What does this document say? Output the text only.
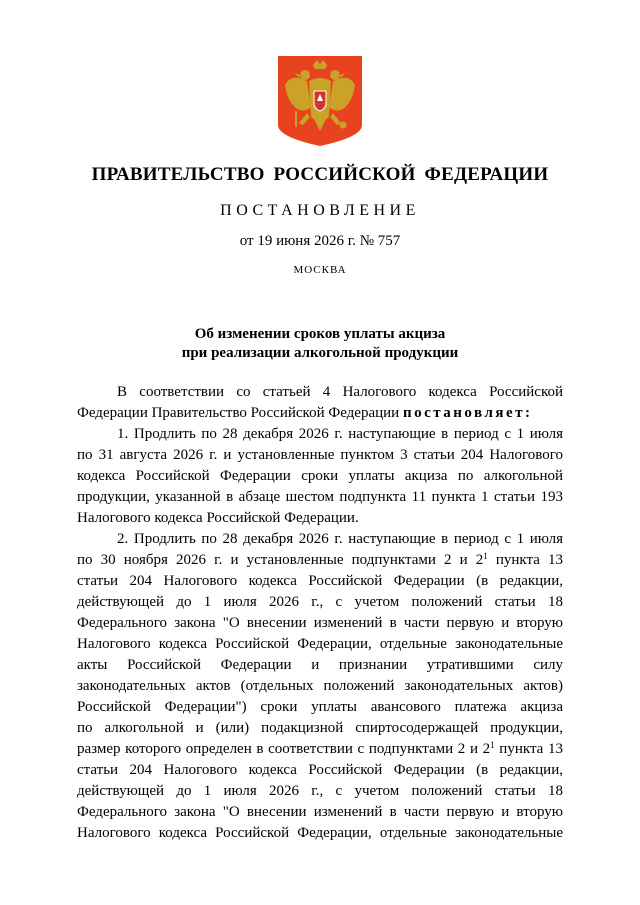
ПРАВИТЕЛЬСТВО РОССИЙСКОЙ ФЕДЕРАЦИИ
ПОСТАНОВЛЕНИЕ
от 19 июня 2026 г. № 757
МОСКВА
Об изменении сроков уплаты акциза
при реализации алкогольной продукции
В соответствии со статьей 4 Налогового кодекса Российской
Федерации Правительство Российской Федерации постановляет:
1. Продлить по 28 декабря 2026 г. наступающие в период с 1 июля
по 31 августа 2026 г. и установленные пунктом 3 статьи 204 Налогового
кодекса Российской Федерации сроки уплаты акциза по алкогольной
продукции, указанной в абзаце шестом подпункта 11 пункта 1 статьи 193
Налогового кодекса Российской Федерации.
2. Продлить по 28 декабря 2026 г. наступающие в период с 1 июля
по 30 ноября 2026 г. и установленные подпунктами 2 и $2^1$ пункта 13
статьи 204 Налогового кодекса Российской Федерации (в редакции,
действующей до 1 июля 2026 г., с учетом положений статьи 18
Федерального закона "О внесении изменений в части первую и вторую
Налогового кодекса Российской Федерации, отдельные законодательные
акты Российской Федерации и признании утратившими силу
законодательных актов (отдельных положений законодательных актов)
Российской Федерации") сроки уплаты авансового платежа акциза
по алкогольной и (или) подакцизной спиртосодержащей продукции,
размер которого определен в соответствии с подпунктами 2 и $2^1$ пункта 13
статьи 204 Налогового кодекса Российской Федерации (в редакции,
действующей до 1 июля 2026 г., с учетом положений статьи 18
Федерального закона "О внесении изменений в части первую и вторую
Налогового кодекса Российской Федерации, отдельные законодательные
